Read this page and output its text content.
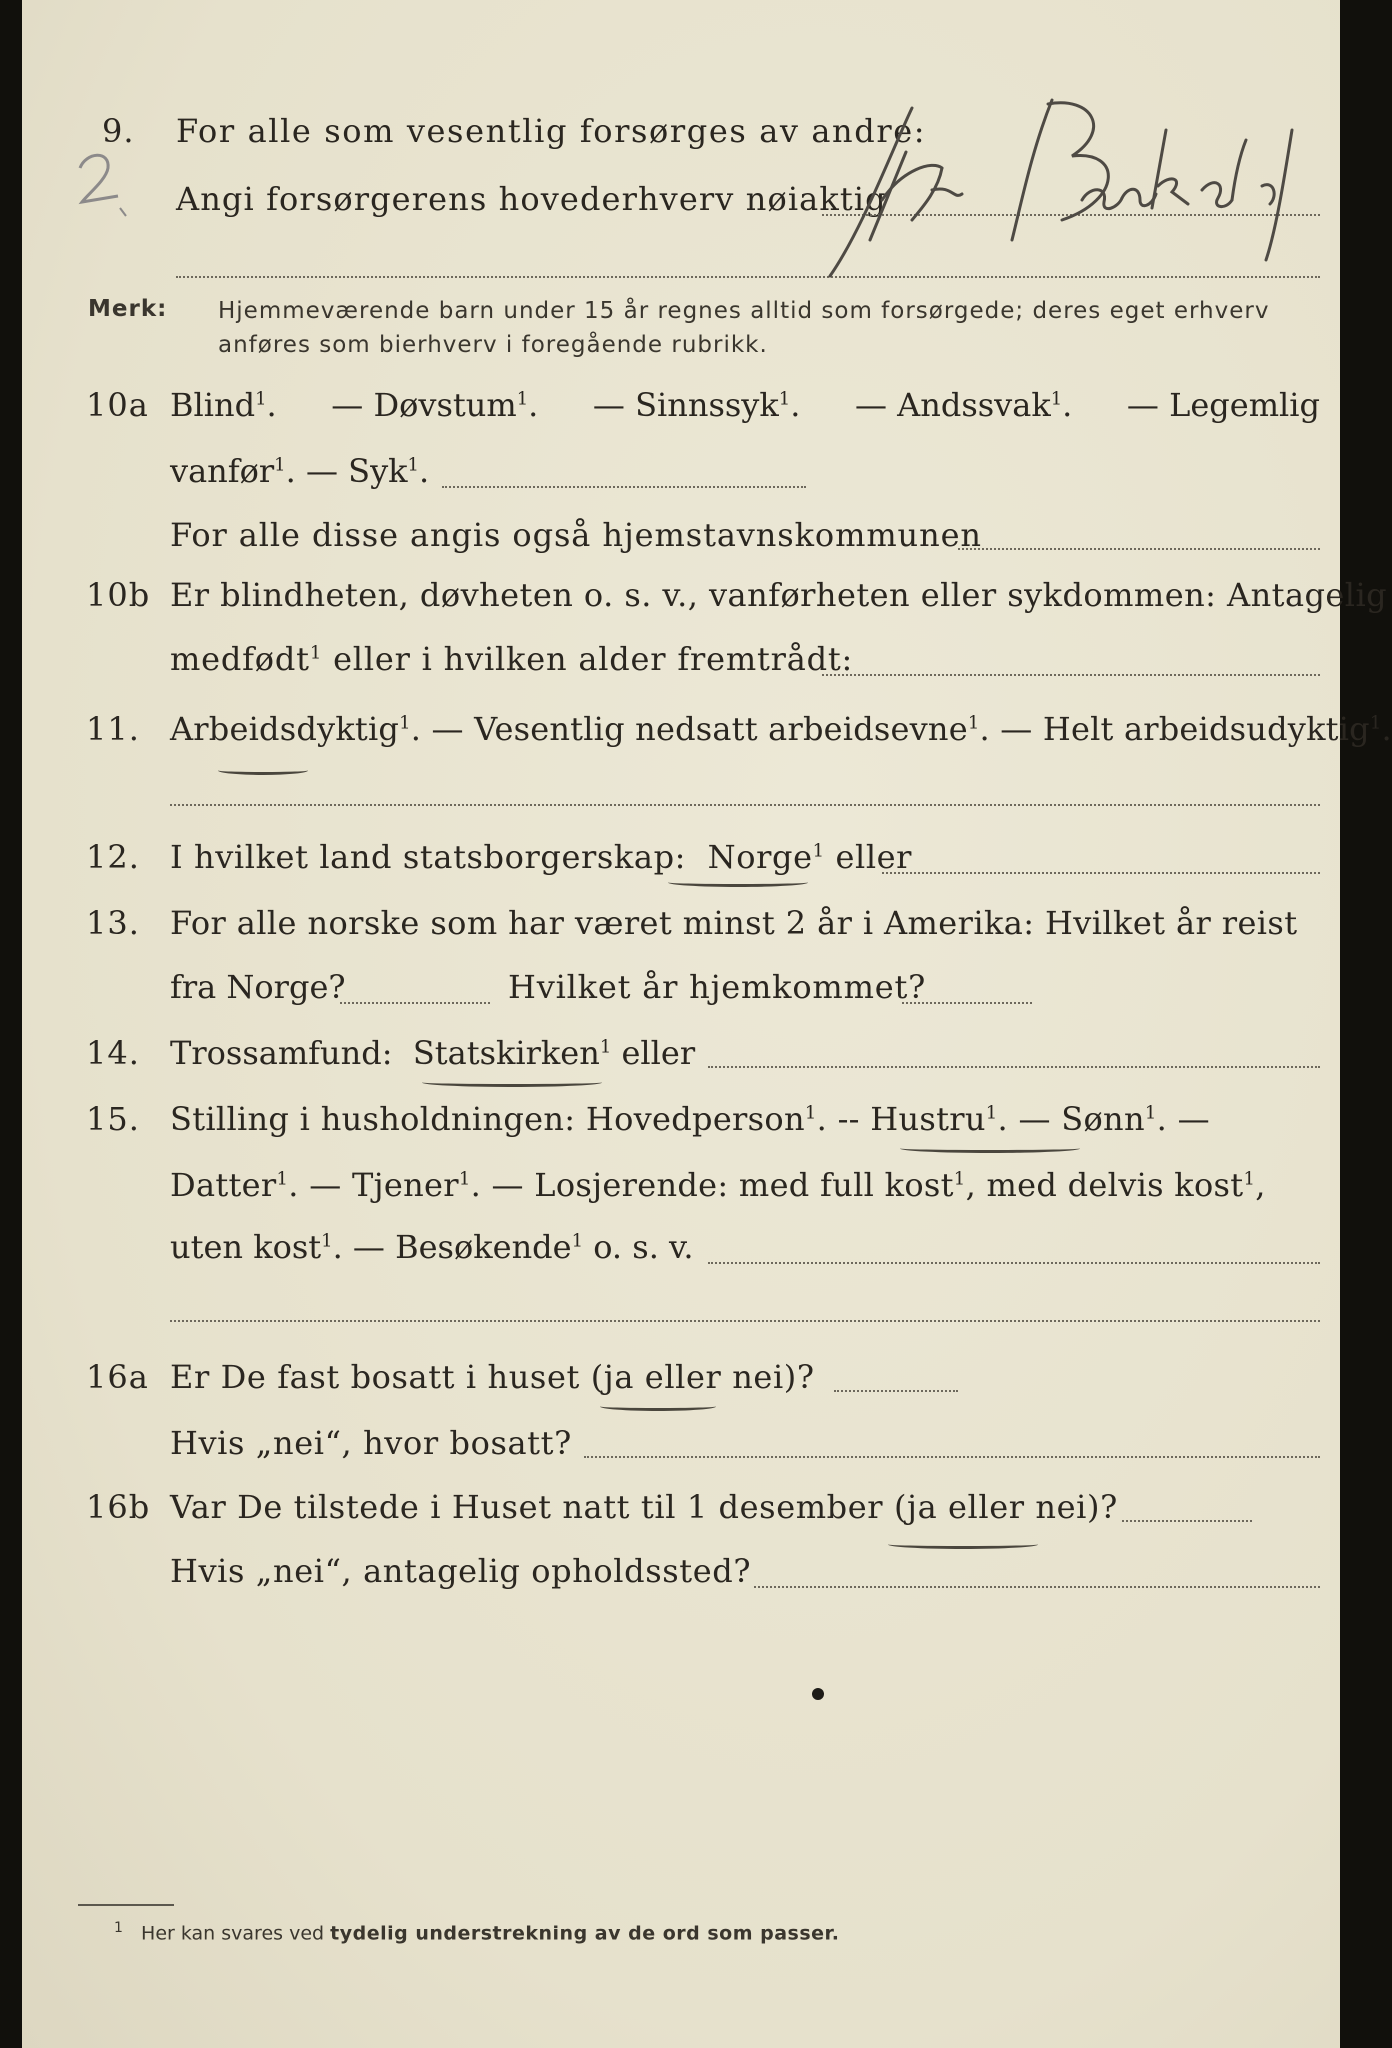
9. For alle som vesentlig forsørges av andre:
Angi forsørgerens hovederhverv nøiaktig
Merk: Hjemmeværende barn under 15 år regnes alltid som forsørgede; deres eget erhverv
anføres som bierhverv i foregående rubrikk.
10a Blind$^1$. — Døvstum$^1$. — Sinnssyk$^1$. — Andssvak$^1$. — Legemlig
vanfør$^1$. — Syk$^1$.
For alle disse angis også hjemstavnskommunen
10b Er blindheten, døvheten o. s. v., vanførheten eller sykdommen: Antagelig
medfødt$^1$ eller i hvilken alder fremtrådt:
11. Arbeidsdyktig$^1$. — Vesentlig nedsatt arbeidsevne$^1$. — Helt arbeidsudyktig$^1$.
12. I hvilket land statsborgerskap: Norge$^1$ eller
13. For alle norske som har været minst 2 år i Amerika: Hvilket år reist
fra Norge?	Hvilket år hjemkommet?
14. Trossamfund: Statskirken$^1$ eller
15. Stilling i husholdningen: Hovedperson$^1$. -- Hustru$^1$. — Sønn$^1$. —
Datter$^1$. — Tjener$^1$. — Losjerende: med full kost$^1$, med delvis kost$^1$,
uten kost$^1$. — Besøkende$^1$ o. s. v.
16a Er De fast bosatt i huset (ja eller nei)?
Hvis „nei“, hvor bosatt?
16b Var De tilstede i Huset natt til 1 desember (ja eller nei)?
Hvis „nei“, antagelig opholdssted?
$^1$ Her kan svares ved tydelig understrekning av de ord som passer.
